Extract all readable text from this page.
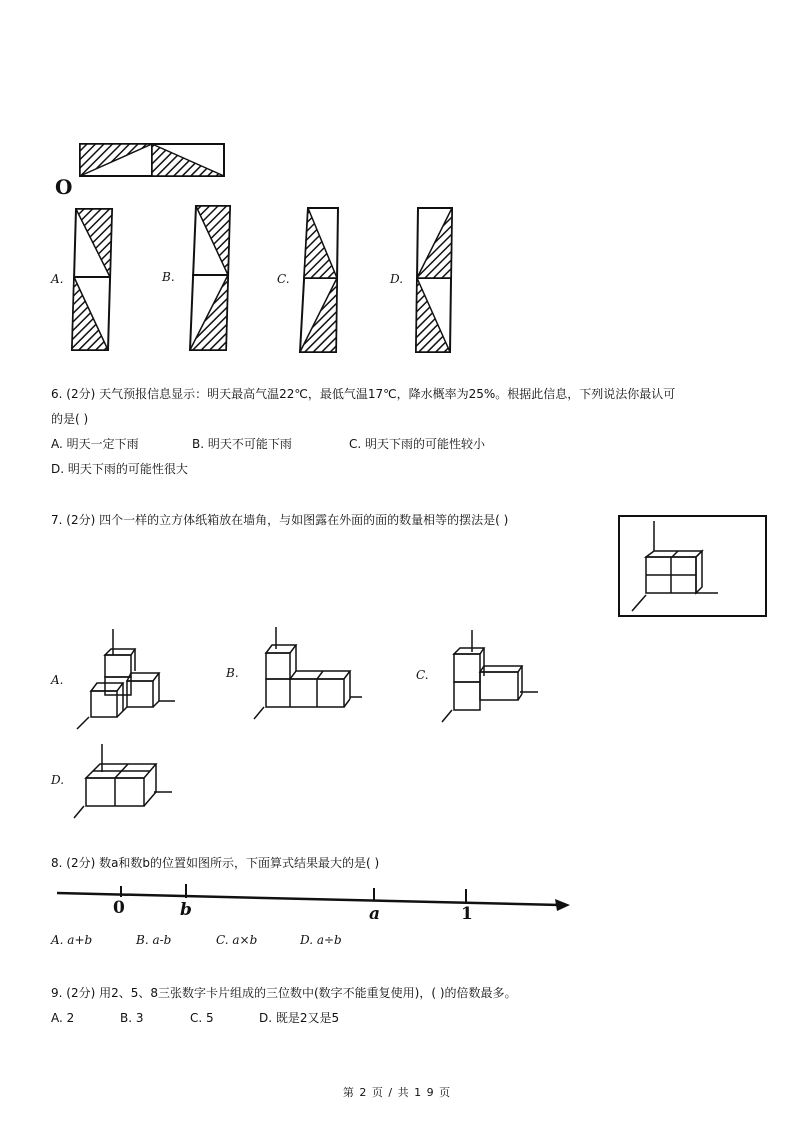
O
A.	B.	C.	D.
6. (2分) 天气预报信息显示：明天最高气温22℃，最低气温17℃，降水概率为25%。根据此信息，下列说法你最认可
的是( )
A. 明天一定下雨	B. 明天不可能下雨	C. 明天下雨的可能性较小
D. 明天下雨的可能性很大
7. (2分) 四个一样的立方体纸箱放在墙角，与如图露在外面的面的数量相等的摆法是( )
A.	B.	C.
D.
8. (2分) 数a和数b的位置如图所示，下面算式结果最大的是( )
0	b	a	1
A. a+b	B. a-b	C. a×b	D. a÷b
9. (2分) 用2、5、8三张数字卡片组成的三位数中(数字不能重复使用)，( )的倍数最多。
A. 2	B. 3	C. 5	D. 既是2又是5
第 2 页 / 共 1 9 页
